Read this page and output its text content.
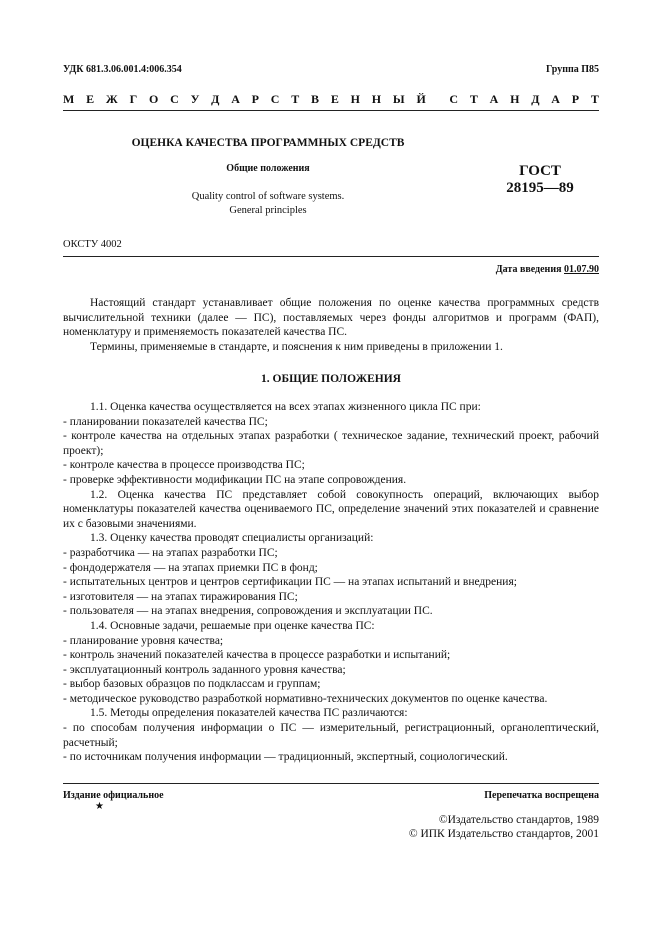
УДК 681.3.06.001.4:006.354	Группа П85
М Е Ж Г О С У Д А Р С Т В Е Н Н Ы Й С Т А Н Д А Р Т
ОЦЕНКА КАЧЕСТВА ПРОГРАММНЫХ СРЕДСТВ
Общие положения
Quality control of software systems.
General principles
ГОСТ
28195—89
ОКСТУ 4002
Дата введения 01.07.90

Настоящий стандарт устанавливает общие положения по оценке качества программных средств вычислительной техники (далее — ПС), поставляемых через фонды алгоритмов и программ (ФАП), номенклатуру и применяемость показателей качества ПС.

Термины, применяемые в стандарте, и пояснения к ним приведены в приложении 1.

1. ОБЩИЕ ПОЛОЖЕНИЯ

1.1. Оценка качества осуществляется на всех этапах жизненного цикла ПС при:

- планировании показателей качества ПС;

- контроле качества на отдельных этапах разработки ( техническое задание, технический проект, рабочий проект);

- контроле качества в процессе производства ПС;

- проверке эффективности модификации ПС на этапе сопровождения.

1.2. Оценка качества ПС представляет собой совокупность операций, включающих выбор номенклатуры показателей качества оцениваемого ПС, определение значений этих показателей и сравнение их с базовыми значениями.

1.3. Оценку качества проводят специалисты организаций:

- разработчика — на этапах разработки ПС;

- фондодержателя — на этапах приемки ПС в фонд;

- испытательных центров и центров сертификации ПС — на этапах испытаний и внедрения;

- изготовителя — на этапах тиражирования ПС;

- пользователя — на этапах внедрения, сопровождения и эксплуатации ПС.

1.4. Основные задачи, решаемые при оценке качества ПС:

- планирование уровня качества;

- контроль значений показателей качества в процессе разработки и испытаний;

- эксплуатационный контроль заданного уровня качества;

- выбор базовых образцов по подклассам и группам;

- методическое руководство разработкой нормативно-технических документов по оценке качества.

1.5. Методы определения показателей качества ПС различаются:

- по способам получения информации о ПС — измерительный, регистрационный, органолептический, расчетный;

- по источникам получения информации — традиционный, экспертный, социологический.

Издание официальное
★
Перепечатка воспрещена
©Издательство стандартов, 1989
© ИПК Издательство стандартов, 2001
